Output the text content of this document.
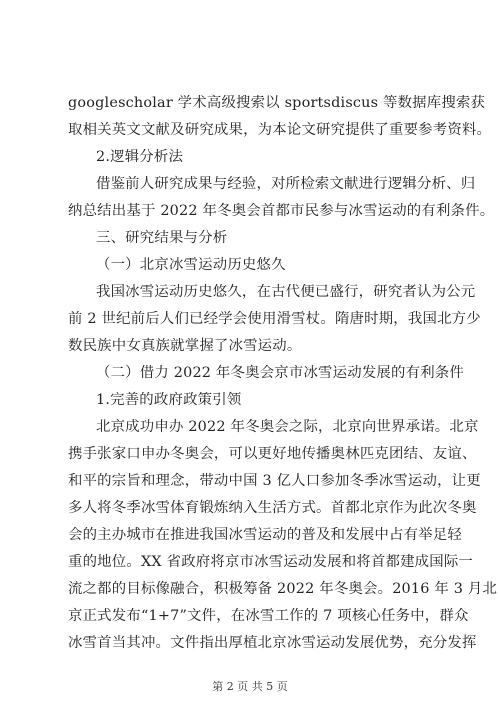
googlescholar 学术高级搜索以 sportsdiscus 等数据库搜索获
取相关英文文献及研究成果，为本论文研究提供了重要参考资料。
2.逻辑分析法
借鉴前人研究成果与经验，对所检索文献进行逻辑分析、归
纳总结出基于 2022 年冬奥会首都市民参与冰雪运动的有利条件。
三、研究结果与分析
（一）北京冰雪运动历史悠久
我国冰雪运动历史悠久，在古代便已盛行，研究者认为公元
前 2 世纪前后人们已经学会使用滑雪杖。隋唐时期，我国北方少
数民族中女真族就掌握了冰雪运动。
（二）借力 2022 年冬奥会京市冰雪运动发展的有利条件
1.完善的政府政策引领
北京成功申办 2022 年冬奥会之际，北京向世界承诺。北京
携手张家口申办冬奥会，可以更好地传播奥林匹克团结、友谊、
和平的宗旨和理念，带动中国 3 亿人口参加冬季冰雪运动，让更
多人将冬季冰雪体育锻炼纳入生活方式。首都北京作为此次冬奥
会的主办城市在推进我国冰雪运动的普及和发展中占有举足轻
重的地位。XX 省政府将京市冰雪运动发展和将首都建成国际一
流之都的目标像融合，积极筹备 2022 年冬奥会。2016 年 3 月北
京正式发布“1+7”文件，在冰雪工作的 7 项核心任务中，群众
冰雪首当其冲。文件指出厚植北京冰雪运动发展优势，充分发挥
第 2 页 共 5 页
